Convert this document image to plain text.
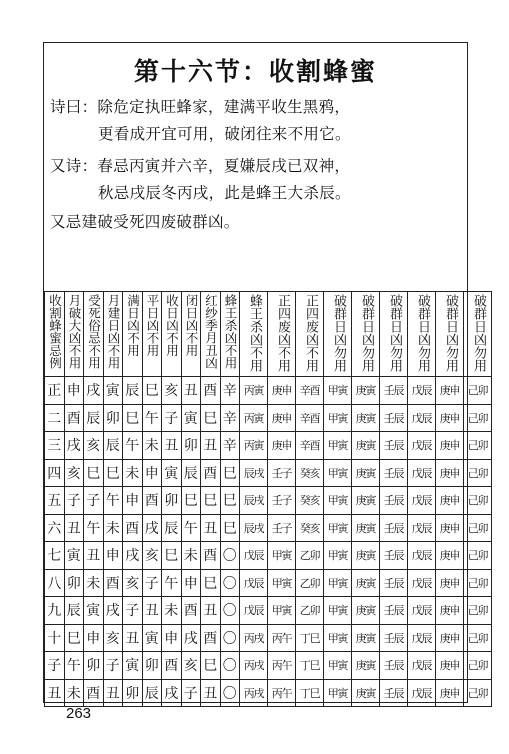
第十六节：收割蜂蜜
诗曰：除危定执旺蜂家，建满平收生黑鸦，
更看成开宜可用，破闭往来不用它。
又诗：春忌丙寅并六辛，夏嫌辰戌已双神，
秋忌戌辰冬丙戌，此是蜂王大杀辰。
又忌建破受死四废破群凶。
收割蜂蜜忌例	月破大凶不用	受死俗忌不用	月建日凶不用	满日凶不用	平日凶不用	收日凶不用	闭日凶不用	红纱季月丑凶	蜂王杀凶不用	蜂王杀凶不用	正四废凶不用	正四废凶不用	破群日凶勿用	破群日凶勿用	破群日凶勿用	破群日凶勿用	破群日凶勿用	破群日凶勿用
正	申	戌	寅	辰	巳	亥	丑	酉	辛	丙寅	庚申	辛酉	甲寅	庚寅	壬辰	戊辰	庚申	己卯
二	酉	辰	卯	巳	午	子	寅	巳	辛	丙寅	庚申	辛酉	甲寅	庚寅	壬辰	戊辰	庚申	己卯
三	戌	亥	辰	午	未	丑	卯	丑	辛	丙寅	庚申	辛酉	甲寅	庚寅	壬辰	戊辰	庚申	己卯
四	亥	巳	巳	未	申	寅	辰	酉	巳	辰戌	壬子	癸亥	甲寅	庚寅	壬辰	戊辰	庚申	己卯
五	子	子	午	申	酉	卯	巳	巳	巳	辰戌	壬子	癸亥	甲寅	庚寅	壬辰	戊辰	庚申	己卯
六	丑	午	未	酉	戌	辰	午	丑	巳	辰戌	壬子	癸亥	甲寅	庚寅	壬辰	戊辰	庚申	己卯
七	寅	丑	申	戌	亥	巳	未	酉	〇	戊辰	甲寅	乙卯	甲寅	庚寅	壬辰	戊辰	庚申	己卯
八	卯	未	酉	亥	子	午	申	巳	〇	戊辰	甲寅	乙卯	甲寅	庚寅	壬辰	戊辰	庚申	己卯
九	辰	寅	戌	子	丑	未	酉	丑	〇	戊辰	甲寅	乙卯	甲寅	庚寅	壬辰	戊辰	庚申	己卯
十	巳	申	亥	丑	寅	申	戌	酉	〇	丙戌	丙午	丁巳	甲寅	庚寅	壬辰	戊辰	庚申	己卯
子	午	卯	子	寅	卯	酉	亥	巳	〇	丙戌	丙午	丁巳	甲寅	庚寅	壬辰	戊辰	庚申	己卯
丑	未	酉	丑	卯	辰	戌	子	丑	〇	丙戌	丙午	丁巳	甲寅	庚寅	壬辰	戊辰	庚申	己卯
263
